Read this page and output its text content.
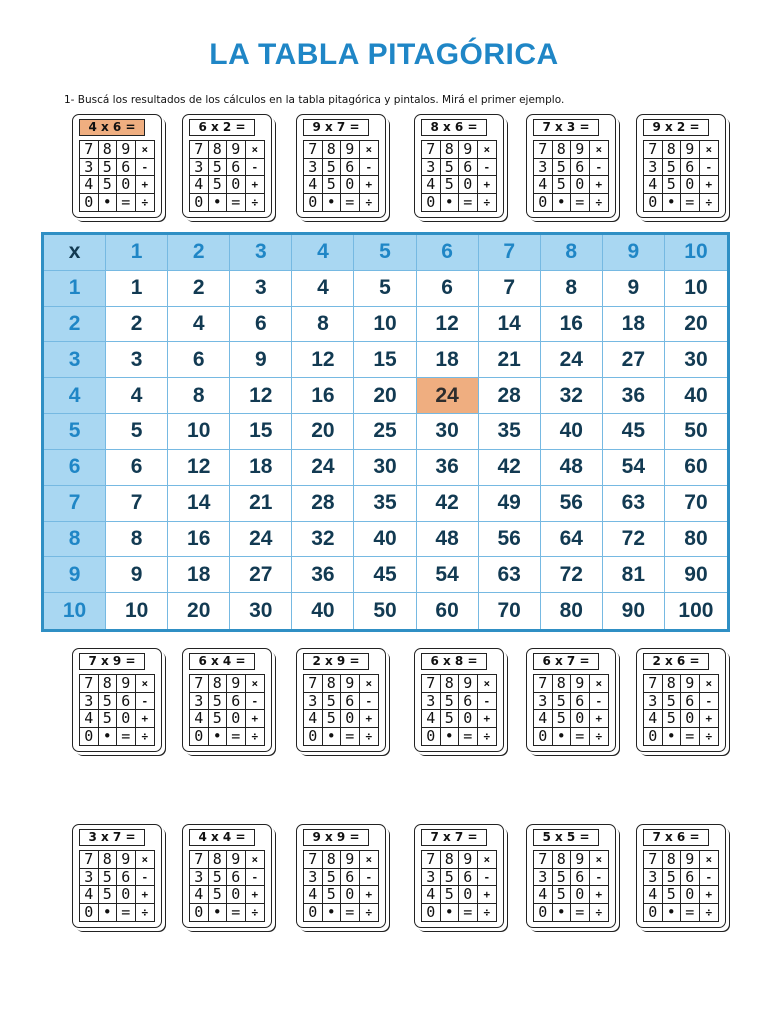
LA TABLA PITAGÓRICA

1- Buscá los resultados de los cálculos en la tabla pitagórica y pintalos. Mirá el primer ejemplo.

4 x 6 =
7 8 9	×
3 5 6	-
4 5 0	+
0 • =	÷
6 x 2 =
7 8 9	×
3 5 6	-
4 5 0	+
0 • =	÷
9 x 7 =
7 8 9	×
3 5 6	-
4 5 0	+
0 • =	÷
8 x 6 =
7 8 9	×
3 5 6	-
4 5 0	+
0 • =	÷
7 x 3 =
7 8 9	×
3 5 6	-
4 5 0	+
0 • =	÷
9 x 2 =
7 8 9	×
3 5 6	-
4 5 0	+
0 • =	÷
x	1	2	3	4	5	6	7	8	9	10
1	1	2	3	4	5	6	7	8	9	10
2	2	4	6	8	10	12	14	16	18	20
3	3	6	9	12	15	18	21	24	27	30
4	4	8	12	16	20	24	28	32	36	40
5	5	10	15	20	25	30	35	40	45	50
6	6	12	18	24	30	36	42	48	54	60
7	7	14	21	28	35	42	49	56	63	70
8	8	16	24	32	40	48	56	64	72	80
9	9	18	27	36	45	54	63	72	81	90
10	10	20	30	40	50	60	70	80	90	100
7 x 9 =
7 8 9	×
3 5 6	-
4 5 0	+
0 • =	÷
6 x 4 =
7 8 9	×
3 5 6	-
4 5 0	+
0 • =	÷
2 x 9 =
7 8 9	×
3 5 6	-
4 5 0	+
0 • =	÷
6 x 8 =
7 8 9	×
3 5 6	-
4 5 0	+
0 • =	÷
6 x 7 =
7 8 9	×
3 5 6	-
4 5 0	+
0 • =	÷
2 x 6 =
7 8 9	×
3 5 6	-
4 5 0	+
0 • =	÷
3 x 7 =
7 8 9	×
3 5 6	-
4 5 0	+
0 • =	÷
4 x 4 =
7 8 9	×
3 5 6	-
4 5 0	+
0 • =	÷
9 x 9 =
7 8 9	×
3 5 6	-
4 5 0	+
0 • =	÷
7 x 7 =
7 8 9	×
3 5 6	-
4 5 0	+
0 • =	÷
5 x 5 =
7 8 9	×
3 5 6	-
4 5 0	+
0 • =	÷
7 x 6 =
7 8 9	×
3 5 6	-
4 5 0	+
0 • =	÷
